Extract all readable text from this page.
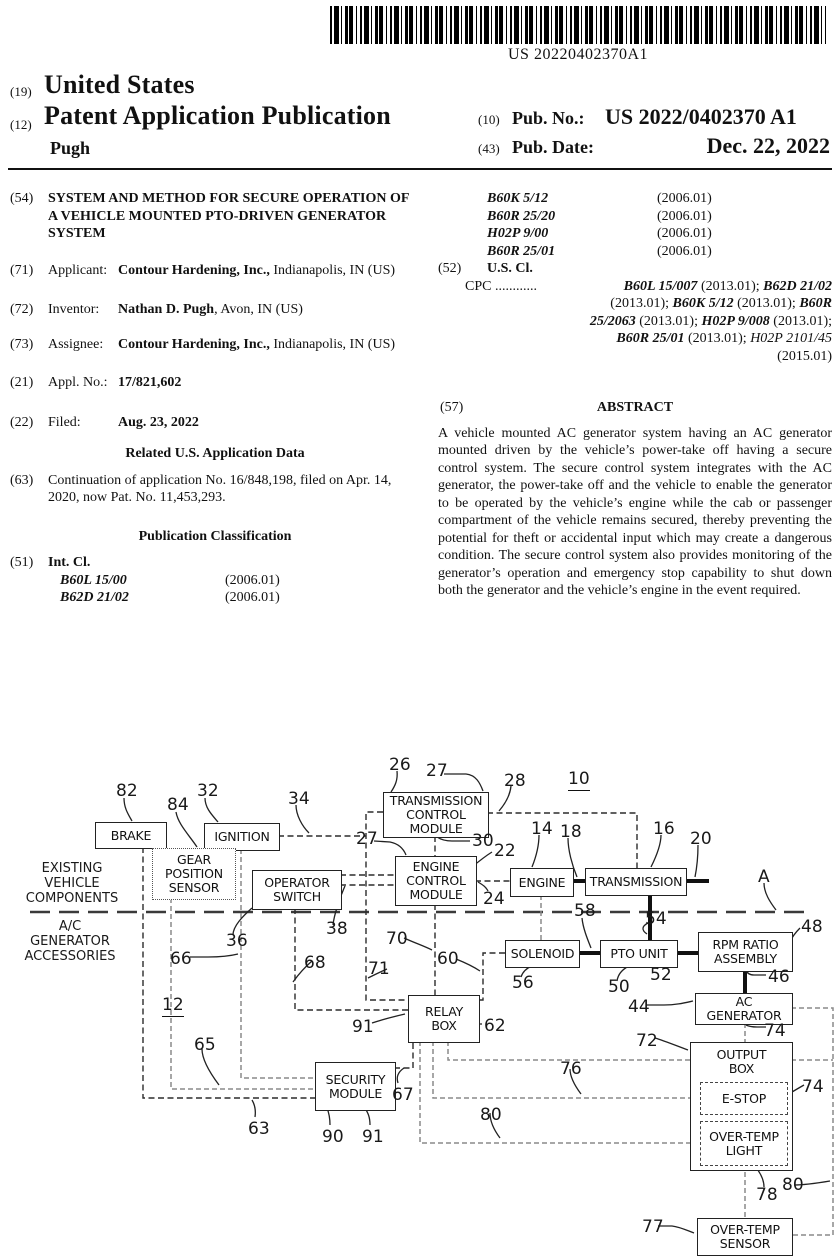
US 20220402370A1
(19) United States
(12) Patent Application Publication
Pugh
(10) Pub. No.: US 2022/0402370 A1
(43) Pub. Date:	Dec. 22, 2022
(54)	SYSTEM AND METHOD FOR SECURE OPERATION OF A VEHICLE MOUNTED PTO-DRIVEN GENERATOR SYSTEM
(71)	Applicant: Contour Hardening, Inc., Indianapolis, IN (US)
(72)	Inventor:	Nathan D. Pugh, Avon, IN (US)
(73)	Assignee:	Contour Hardening, Inc., Indianapolis, IN (US)
(21)	Appl. No.: 17/821,602
(22)	Filed:	Aug. 23, 2022
Related U.S. Application Data
(63)	Continuation of application No. 16/848,198, filed on Apr. 14, 2020, now Pat. No. 11,453,293.
Publication Classification
(51)	Int. Cl.
B60L 15/00	(2006.01)
B62D 21/02	(2006.01)
B60K 5/12	(2006.01)
B60R 25/20	(2006.01)
H02P 9/00	(2006.01)
B60R 25/01	(2006.01)
(52)	U.S. Cl.
CPC ............	B60L 15/007 (2013.01); B62D 21/02
(2013.01); B60K 5/12 (2013.01); B60R
25/2063 (2013.01); H02P 9/008 (2013.01);
B60R 25/01 (2013.01); H02P 2101/45
(2015.01)
(57)	ABSTRACT
A vehicle mounted AC generator system having an AC generator mounted driven by the vehicle’s power-take off having a secure control system. The secure control system integrates with the AC generator, the power-take off and the vehicle to enable the generator to be operated by the vehicle’s engine while the cab or passenger compartment of the vehicle remains secured, thereby preventing the potential for theft or accidental input which may create a dangerous condition. The secure control system also provides monitoring of the generator’s operation and emergency stop capability to shut down both the generator and the vehicle’s engine in the event required.
EXISTING
VEHICLE
COMPONENTS
A/C
GENERATOR
ACCESSORIES
BRAKE	IGNITION
GEAR
POSITION
SENSOR	OPERATOR
SWITCH
TRANSMISSION
CONTROL
MODULE
ENGINE
CONTROL
MODULE
ENGINE	TRANSMISSION
SOLENOID	PTO UNIT
RPM RATIO
ASSEMBLY
AC
GENERATOR
RELAY
BOX
SECURITY
MODULE
OUTPUT
BOX
E-STOP
OVER-TEMP
LIGHT
OVER-TEMP
SENSOR
82
84
32	34
26 27	28 10
27	30 22
14 18	16 20
A
24
54
58
48
70
71	60
56	50
52	46
44
36
38
66	68
12
91	62
65
67
63	90 91
72	74
74
76
80
78 80
77
